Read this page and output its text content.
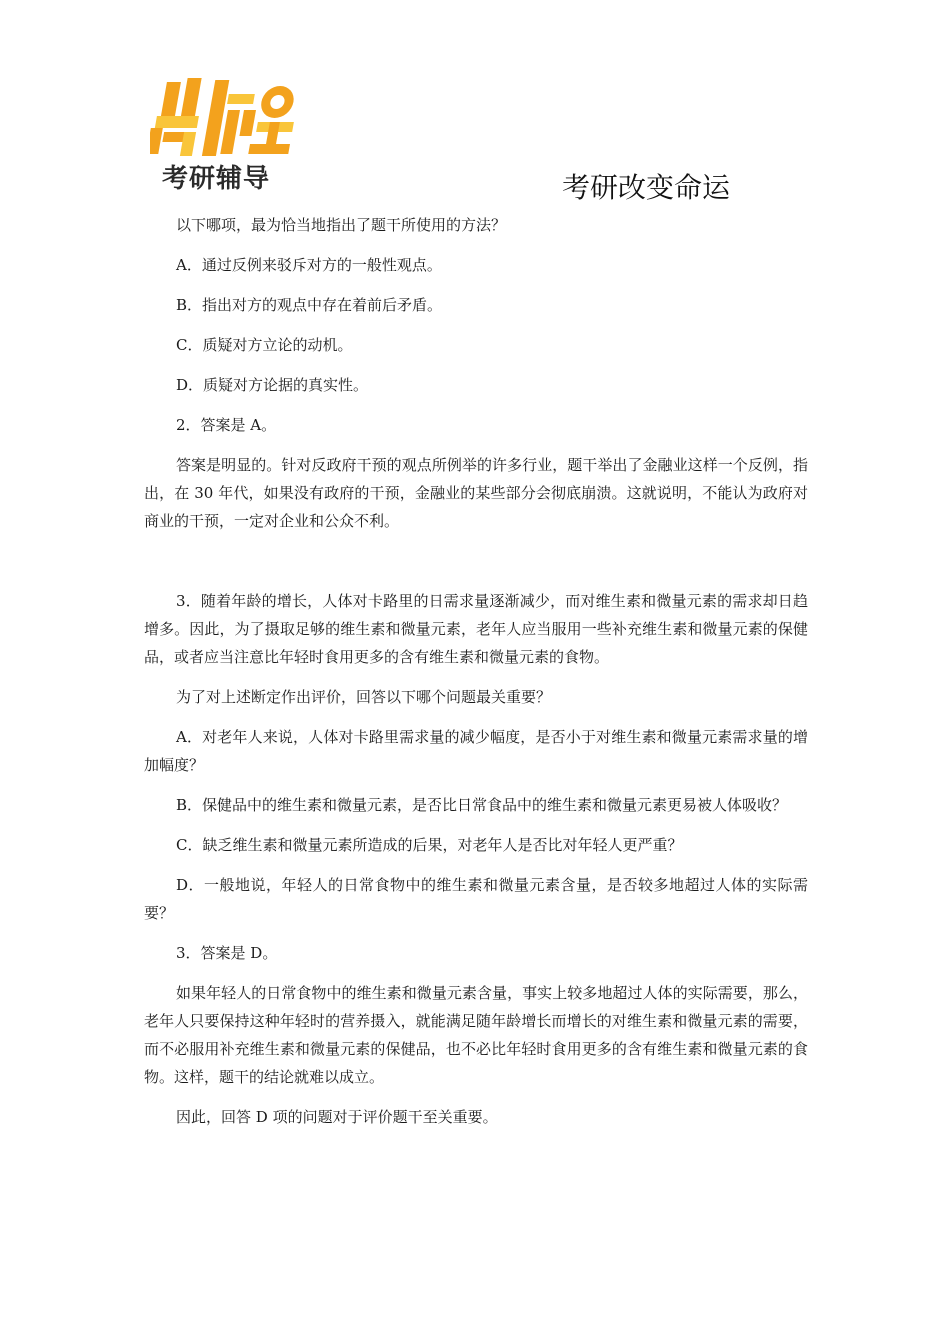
考研辅导	考研改变命运

以下哪项，最为恰当地指出了题干所使用的方法？

A．通过反例来驳斥对方的一般性观点。

B．指出对方的观点中存在着前后矛盾。

C．质疑对方立论的动机。

D．质疑对方论据的真实性。

2．答案是 A。

答案是明显的。针对反政府干预的观点所例举的许多行业，题干举出了金融业这样一个反例，指出，在 30 年代，如果没有政府的干预，金融业的某些部分会彻底崩溃。这就说明，不能认为政府对商业的干预，一定对企业和公众不利。

3．随着年龄的增长，人体对卡路里的日需求量逐渐减少，而对维生素和微量元素的需求却日趋增多。因此，为了摄取足够的维生素和微量元素，老年人应当服用一些补充维生素和微量元素的保健品，或者应当注意比年轻时食用更多的含有维生素和微量元素的食物。

为了对上述断定作出评价，回答以下哪个问题最关重要？

A．对老年人来说，人体对卡路里需求量的减少幅度，是否小于对维生素和微量元素需求量的增加幅度？

B．保健品中的维生素和微量元素，是否比日常食品中的维生素和微量元素更易被人体吸收？

C．缺乏维生素和微量元素所造成的后果，对老年人是否比对年轻人更严重？

D．一般地说，年轻人的日常食物中的维生素和微量元素含量，是否较多地超过人体的实际需要？

3．答案是 D。

如果年轻人的日常食物中的维生素和微量元素含量，事实上较多地超过人体的实际需要，那么，老年人只要保持这种年轻时的营养摄入，就能满足随年龄增长而增长的对维生素和微量元素的需要，而不必服用补充维生素和微量元素的保健品，也不必比年轻时食用更多的含有维生素和微量元素的食物。这样，题干的结论就难以成立。

因此，回答 D 项的问题对于评价题干至关重要。
